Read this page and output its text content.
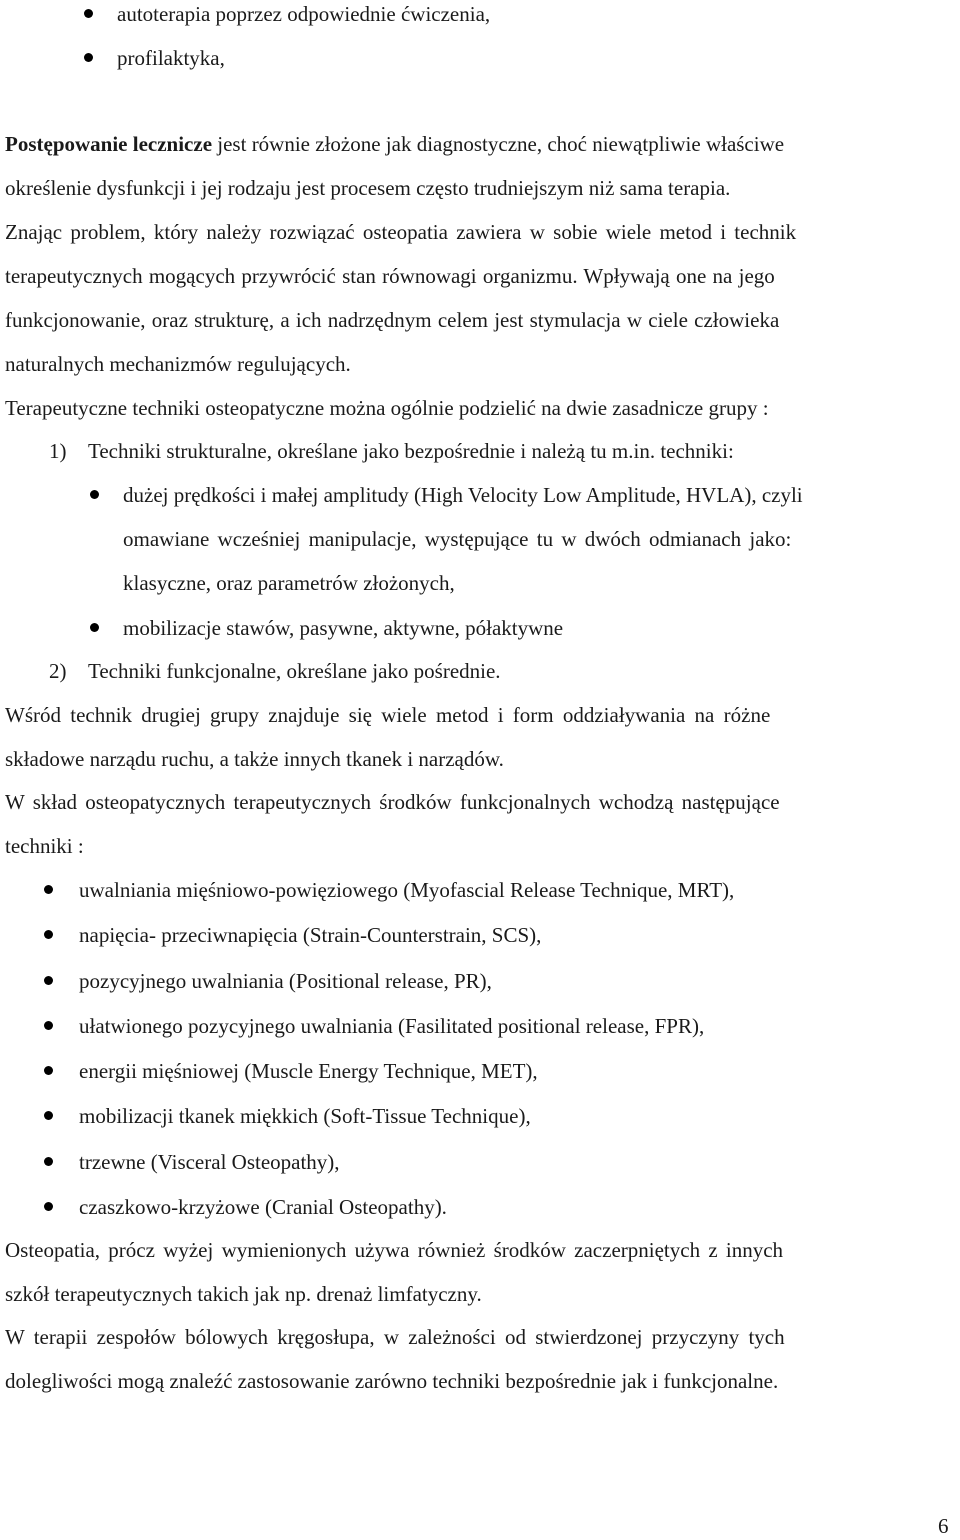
autoterapia poprzez odpowiednie ćwiczenia,
profilaktyka,
Postępowanie lecznicze jest równie złożone jak diagnostyczne, choć niewątpliwie właściwe
określenie dysfunkcji i jej rodzaju jest procesem często trudniejszym niż sama terapia.
Znając problem, który należy rozwiązać osteopatia zawiera w sobie wiele metod i technik
terapeutycznych mogących przywrócić stan równowagi organizmu. Wpływają one na jego
funkcjonowanie, oraz strukturę, a ich nadrzędnym celem jest stymulacja w ciele człowieka
naturalnych mechanizmów regulujących.
Terapeutyczne techniki osteopatyczne można ogólnie podzielić na dwie zasadnicze grupy :
1) Techniki strukturalne, określane jako bezpośrednie i należą tu m.in. techniki:
dużej prędkości i małej amplitudy (High Velocity Low Amplitude, HVLA), czyli
omawiane wcześniej manipulacje, występujące tu w dwóch odmianach jako:
klasyczne, oraz parametrów złożonych,
mobilizacje stawów, pasywne, aktywne, półaktywne
2) Techniki funkcjonalne, określane jako pośrednie.
Wśród technik drugiej grupy znajduje się wiele metod i form oddziaływania na różne
składowe narządu ruchu, a także innych tkanek i narządów.
W skład osteopatycznych terapeutycznych środków funkcjonalnych wchodzą następujące
techniki :
uwalniania mięśniowo-powięziowego (Myofascial Release Technique, MRT),
napięcia- przeciwnapięcia (Strain-Counterstrain, SCS),
pozycyjnego uwalniania (Positional release, PR),
ułatwionego pozycyjnego uwalniania (Fasilitated positional release, FPR),
energii mięśniowej (Muscle Energy Technique, MET),
mobilizacji tkanek miękkich (Soft-Tissue Technique),
trzewne (Visceral Osteopathy),
czaszkowo-krzyżowe (Cranial Osteopathy).
Osteopatia, prócz wyżej wymienionych używa również środków zaczerpniętych z innych
szkół terapeutycznych takich jak np. drenaż limfatyczny.
W terapii zespołów bólowych kręgosłupa, w zależności od stwierdzonej przyczyny tych
dolegliwości mogą znaleźć zastosowanie zarówno techniki bezpośrednie jak i funkcjonalne.
6
